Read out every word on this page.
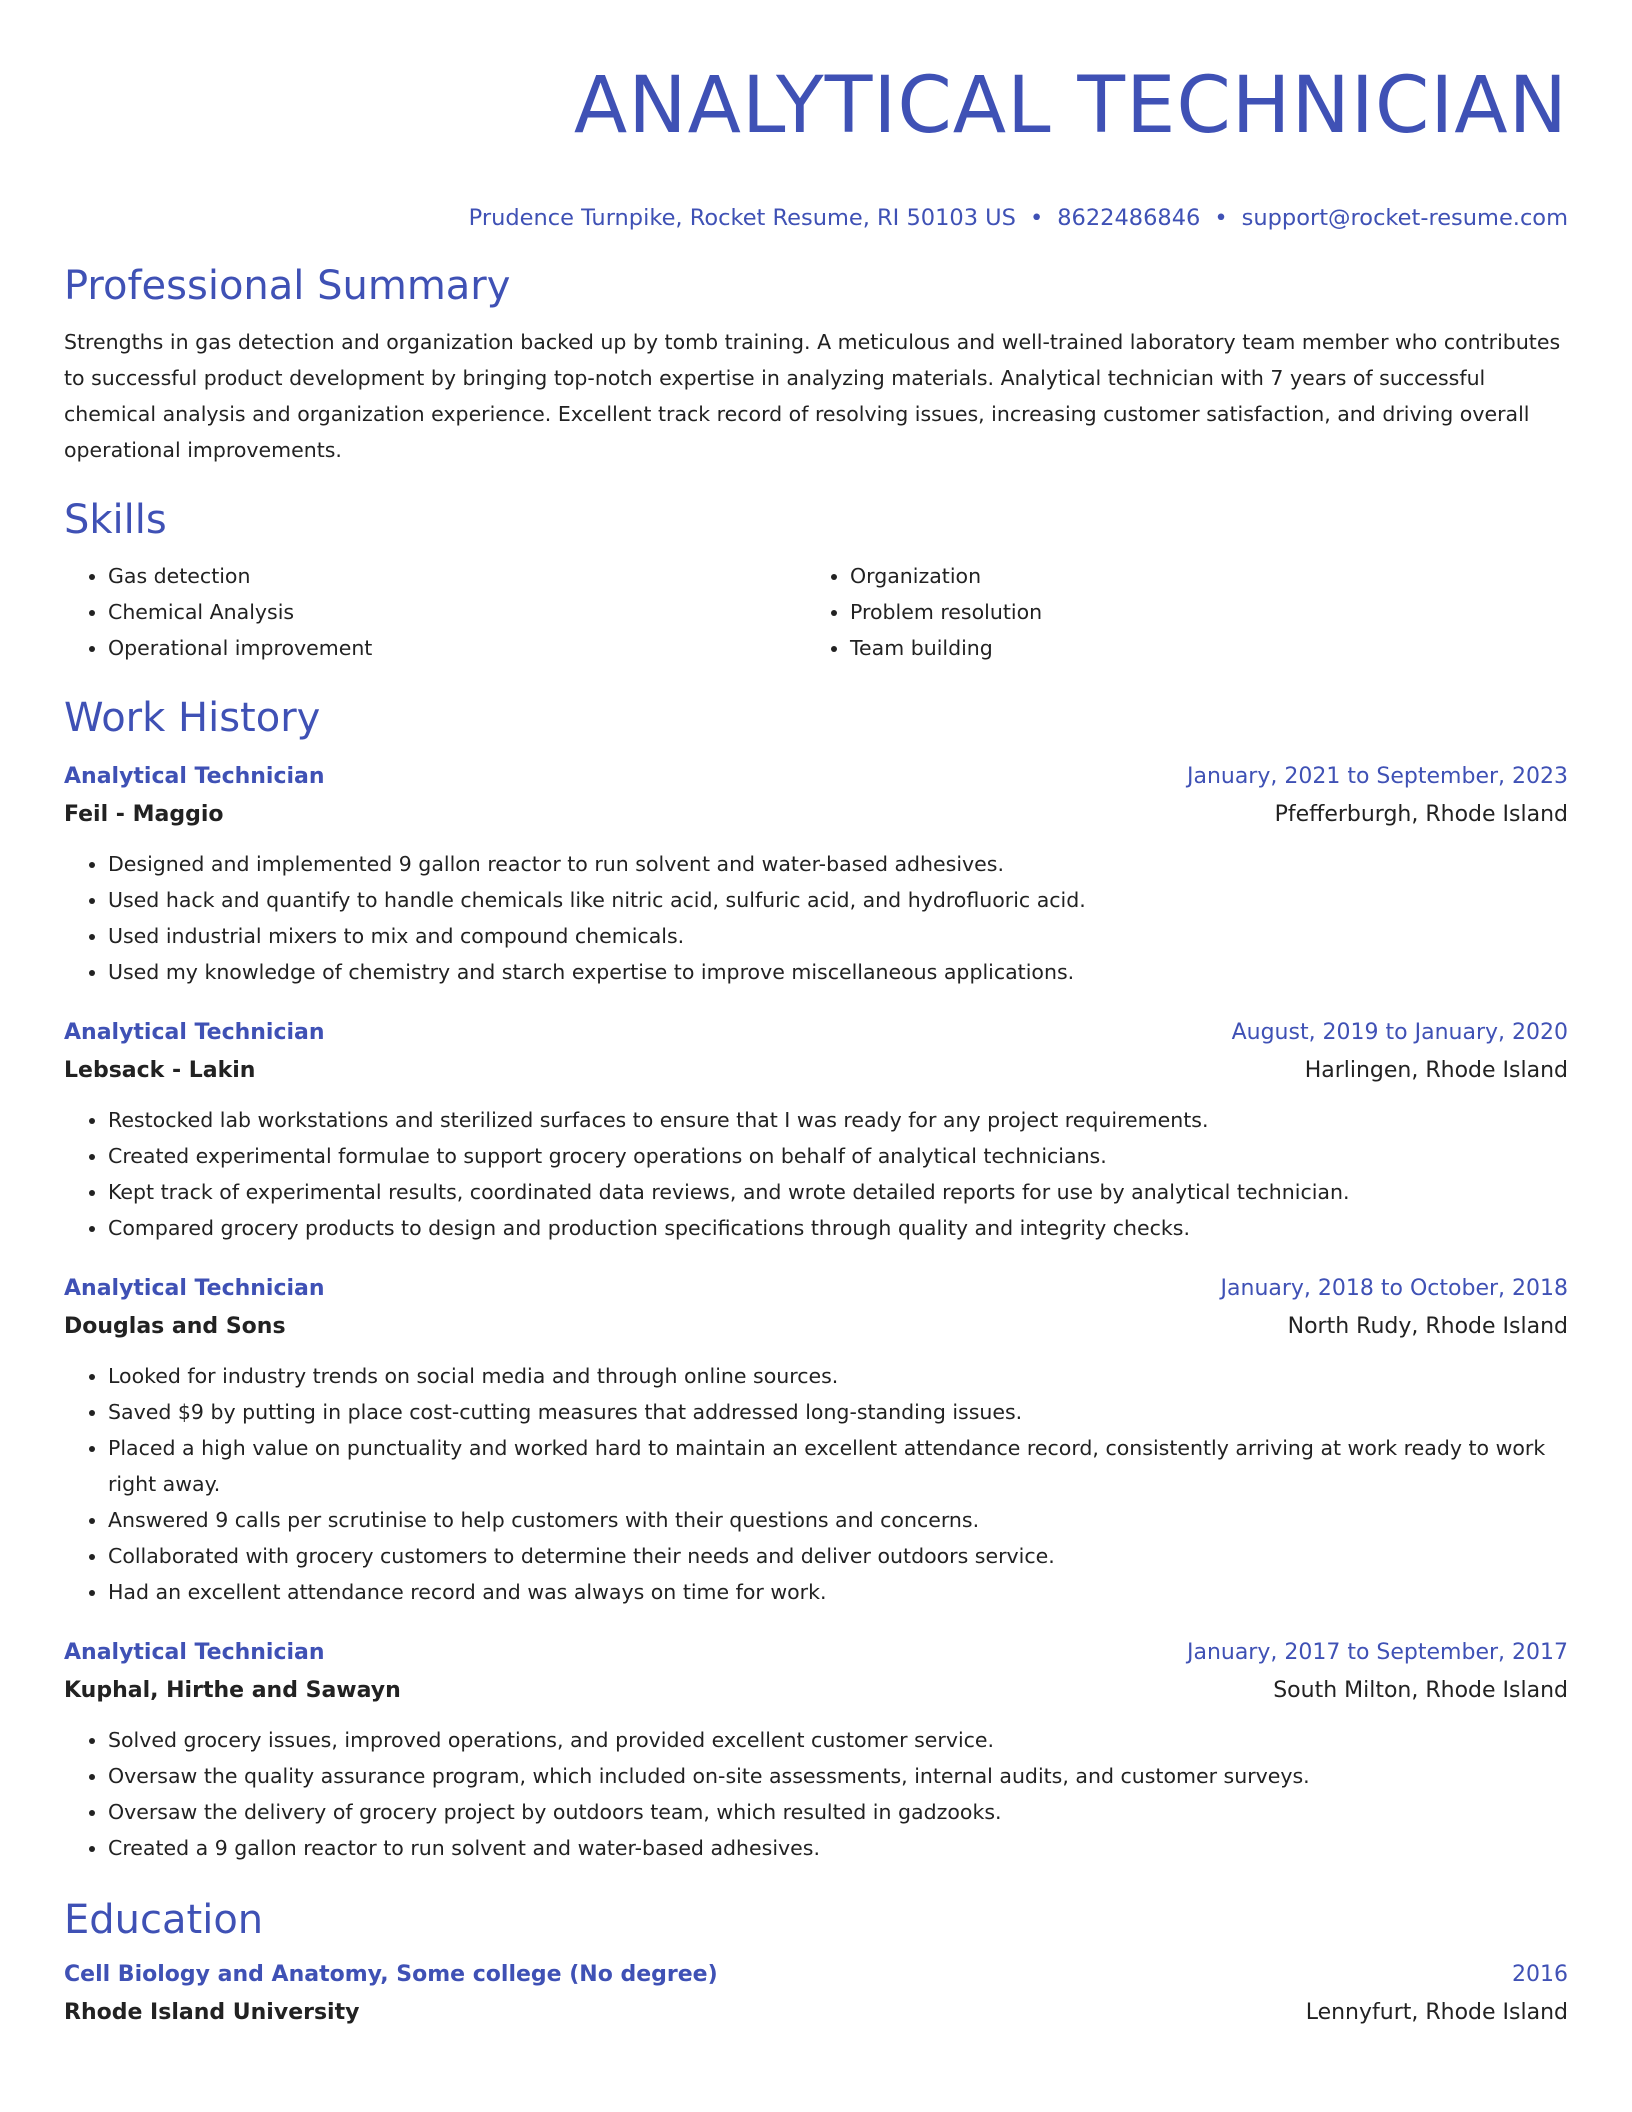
ANALYTICAL TECHNICIAN
Prudence Turnpike, Rocket Resume, RI 50103 US • 8622486846 • support@rocket-resume.com
Professional Summary

Strengths in gas detection and organization backed up by tomb training. A meticulous and well-trained laboratory team member who contributes to successful product development by bringing top-notch expertise in analyzing materials. Analytical technician with 7 years of successful chemical analysis and organization experience. Excellent track record of resolving issues, increasing customer satisfaction, and driving overall operational improvements.

Skills
• Gas detection
• Chemical Analysis
• Operational improvement
• Organization
• Problem resolution
• Team building
Work History
Analytical Technician	January, 2021 to September, 2023
Feil - Maggio	Pfefferburgh, Rhode Island
• Designed and implemented 9 gallon reactor to run solvent and water-based adhesives.
• Used hack and quantify to handle chemicals like nitric acid, sulfuric acid, and hydrofluoric acid.
• Used industrial mixers to mix and compound chemicals.
• Used my knowledge of chemistry and starch expertise to improve miscellaneous applications.
Analytical Technician	August, 2019 to January, 2020
Lebsack - Lakin	Harlingen, Rhode Island
• Restocked lab workstations and sterilized surfaces to ensure that I was ready for any project requirements.
• Created experimental formulae to support grocery operations on behalf of analytical technicians.
• Kept track of experimental results, coordinated data reviews, and wrote detailed reports for use by analytical technician.
• Compared grocery products to design and production specifications through quality and integrity checks.
Analytical Technician	January, 2018 to October, 2018
Douglas and Sons	North Rudy, Rhode Island
• Looked for industry trends on social media and through online sources.
• Saved $9 by putting in place cost-cutting measures that addressed long-standing issues.
• Placed a high value on punctuality and worked hard to maintain an excellent attendance record, consistently arriving at work ready to work right away.
• Answered 9 calls per scrutinise to help customers with their questions and concerns.
• Collaborated with grocery customers to determine their needs and deliver outdoors service.
• Had an excellent attendance record and was always on time for work.
Analytical Technician	January, 2017 to September, 2017
Kuphal, Hirthe and Sawayn	South Milton, Rhode Island
• Solved grocery issues, improved operations, and provided excellent customer service.
• Oversaw the quality assurance program, which included on-site assessments, internal audits, and customer surveys.
• Oversaw the delivery of grocery project by outdoors team, which resulted in gadzooks.
• Created a 9 gallon reactor to run solvent and water-based adhesives.
Education
Cell Biology and Anatomy, Some college (No degree)	2016
Rhode Island University	Lennyfurt, Rhode Island
